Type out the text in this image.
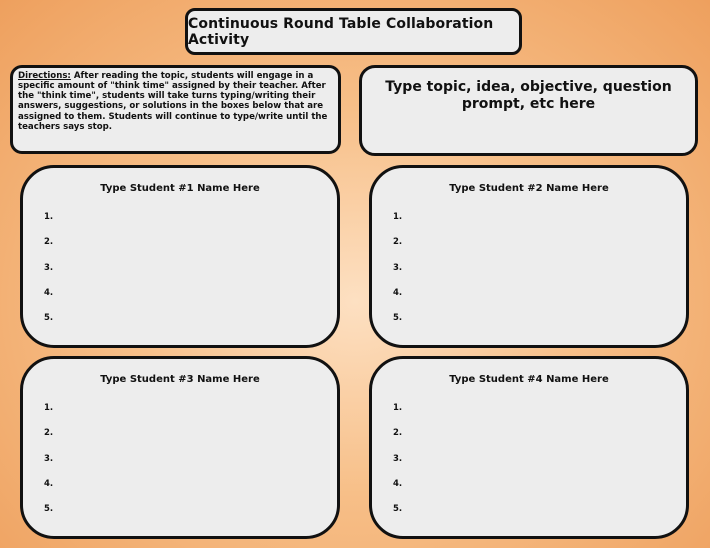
Continuous Round Table Collaboration Activity
Directions: After reading the topic, students will engage in a specific amount of "think time" assigned by their teacher. After the "think time", students will take turns typing/writing their answers, suggestions, or solutions in the boxes below that are assigned to them. Students will continue to type/write until the teachers says stop.
Type topic, idea, objective, question prompt, etc here
Type Student #1 Name Here
1.
2.
3.
4.
5.
Type Student #2 Name Here
1.
2.
3.
4.
5.
Type Student #3 Name Here
1.
2.
3.
4.
5.
Type Student #4 Name Here
1.
2.
3.
4.
5.
